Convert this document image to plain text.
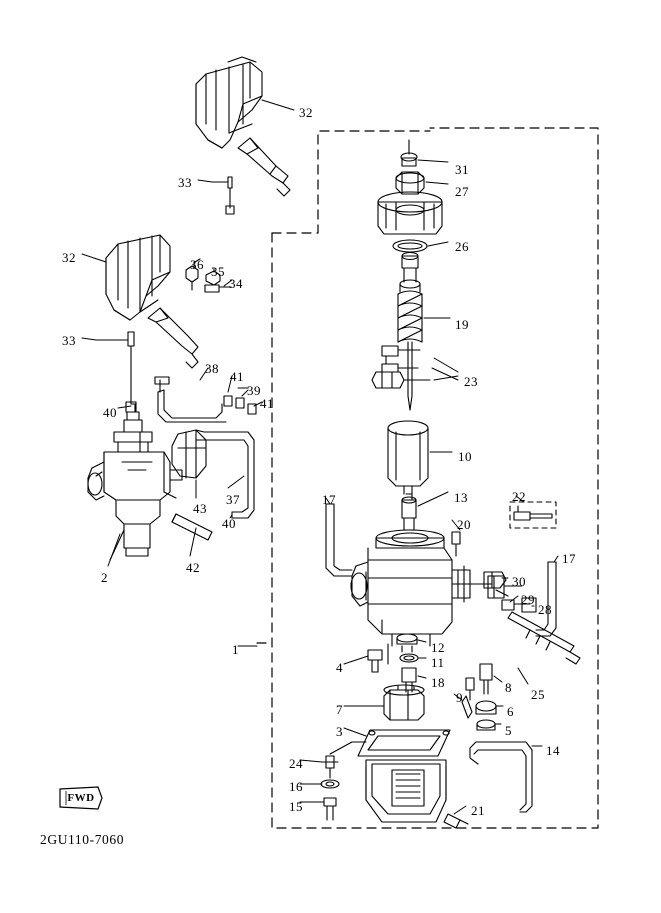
FWD
2GU110-7060
32
33
31
27
26
32	36 35
34
19
33
23
38
41
39
41
40
10
43
37	13
17	22
20
40
17
2
42
30
29
28
1	12
11
4
18
25
8
9
7	6
5
3
14
24
16
15	21
